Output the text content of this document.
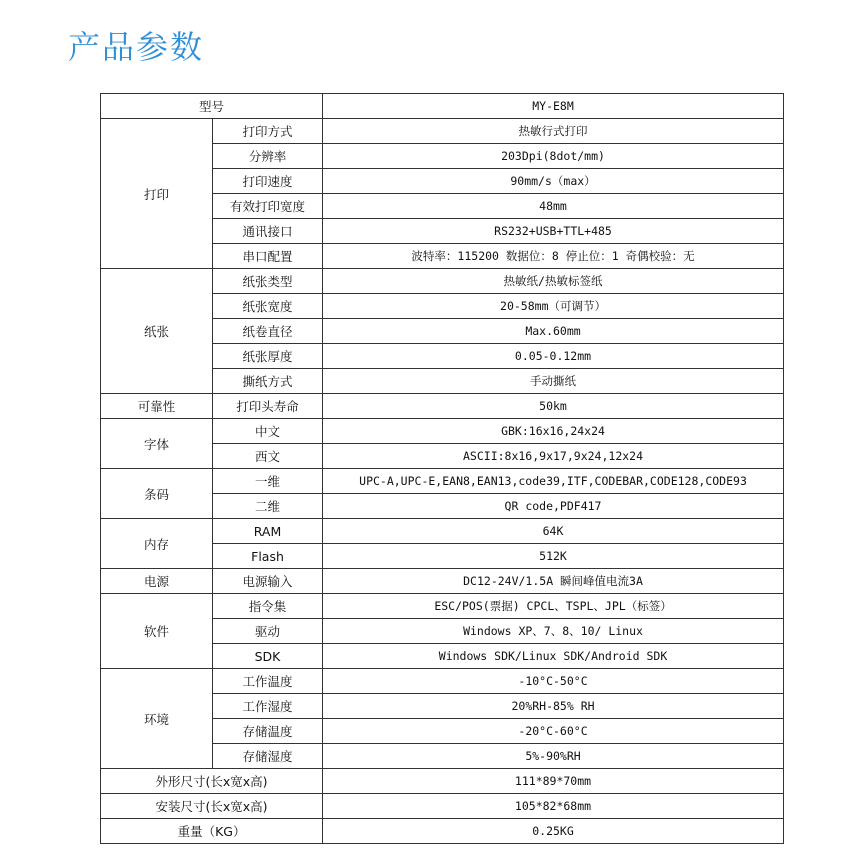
产品参数
型号		MY-E8M
打印	打印方式	热敏行式打印
	分辨率	203Dpi(8dot/mm)
	打印速度	90mm/s（max）
	有效打印宽度	48mm
	通讯接口	RS232+USB+TTL+485
	串口配置	波特率：115200 数据位：8 停止位：1 奇偶校验：无
纸张	纸张类型	热敏纸/热敏标签纸
	纸张宽度	20-58mm（可调节）
	纸卷直径	Max.60mm
	纸张厚度	0.05-0.12mm
	撕纸方式	手动撕纸
可靠性	打印头寿命	50km
字体	中文	GBK:16x16,24x24
	西文	ASCII:8x16,9x17,9x24,12x24
条码	一维	UPC-A,UPC-E,EAN8,EAN13,code39,ITF,CODEBAR,CODE128,CODE93
	二维	QR code,PDF417
内存	RAM	64K
	Flash	512K
电源	电源输入	DC12-24V/1.5A 瞬间峰值电流3A
软件	指令集	ESC/POS(票据) CPCL、TSPL、JPL（标签）
	驱动	Windows XP、7、8、10/ Linux
	SDK	Windows SDK/Linux SDK/Android SDK
环境	工作温度	-10°C-50°C
	工作湿度	20%RH-85% RH
	存储温度	-20°C-60°C
	存储湿度	5%-90%RH
外形尺寸(长x宽x高)		111*89*70mm
安装尺寸(长x宽x高)		105*82*68mm
重量（KG）		0.25KG
